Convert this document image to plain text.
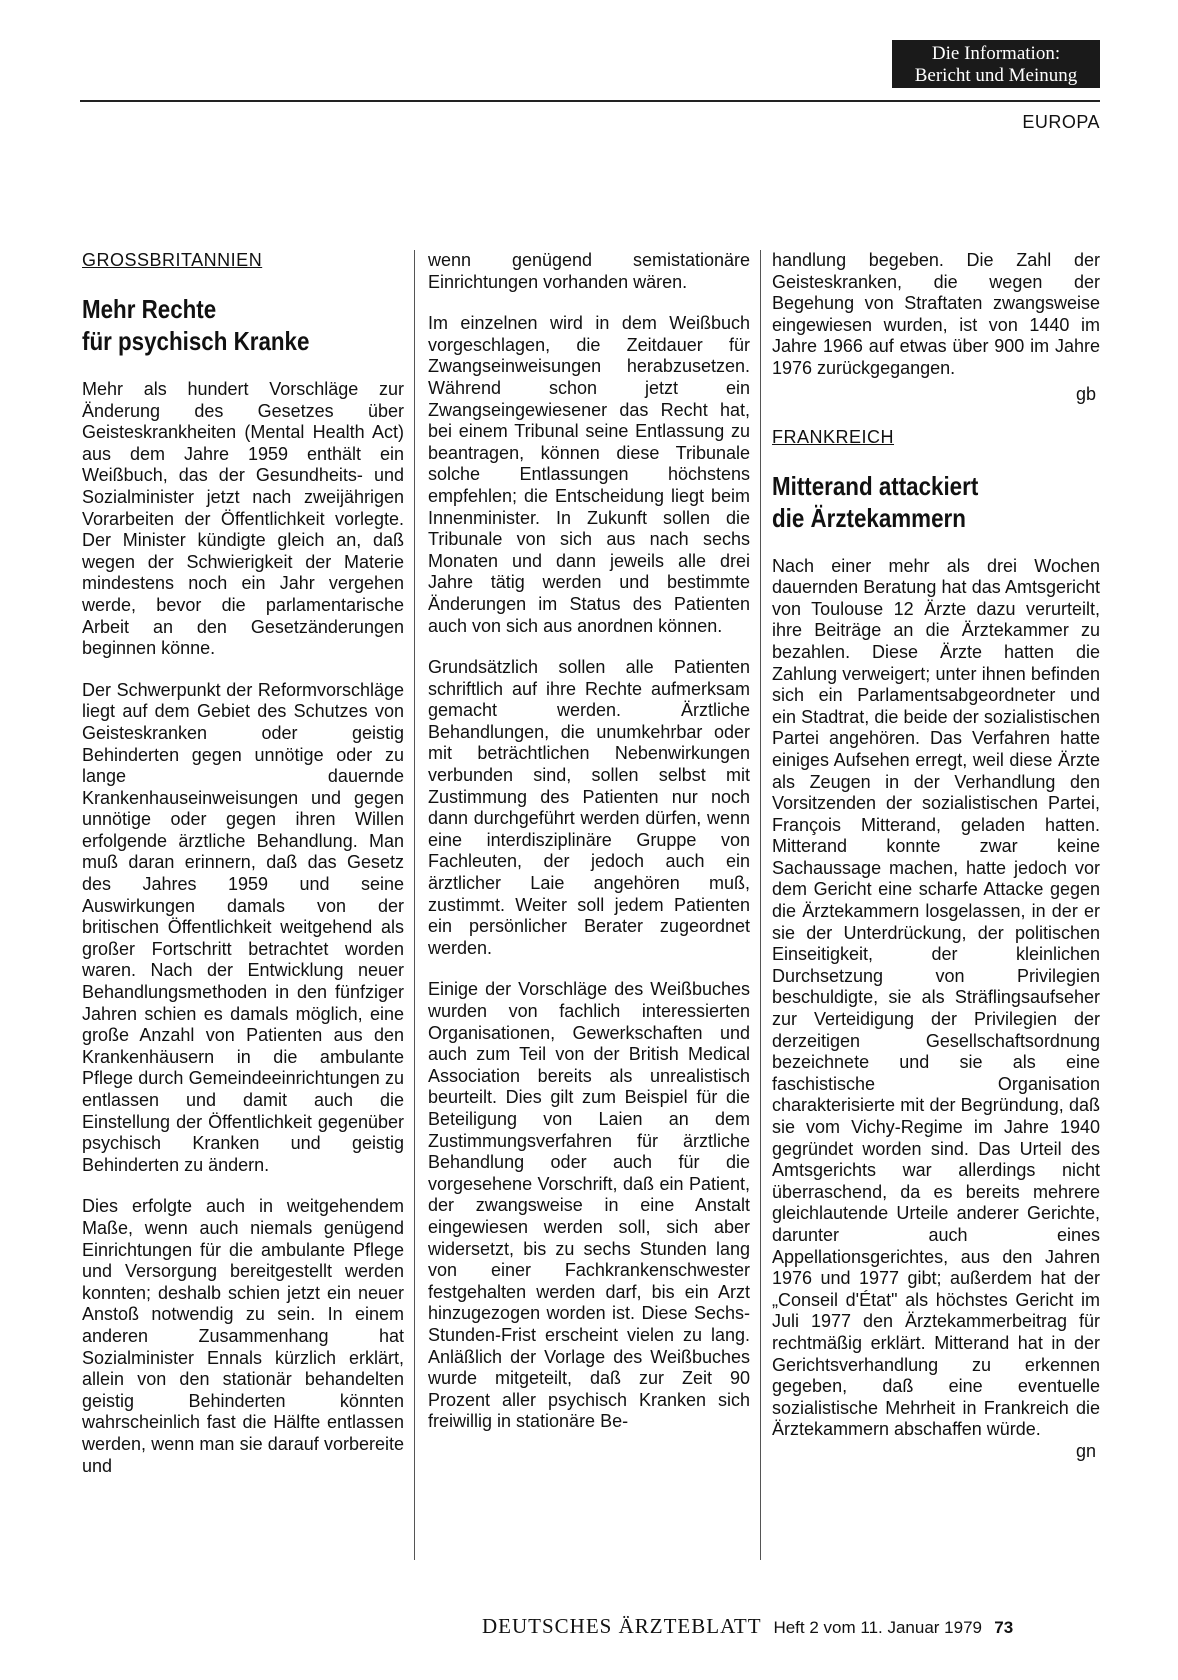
Die Information:
Bericht und Meinung
EUROPA
GROSSBRITANNIEN
Mehr Rechte
für psychisch Kranke

Mehr als hundert Vorschläge zur Änderung des Gesetzes über Geisteskrankheiten (Mental Health Act) aus dem Jahre 1959 enthält ein Weißbuch, das der Gesundheits- und Sozialminister jetzt nach zweijährigen Vorarbeiten der Öffentlichkeit vorlegte. Der Minister kündigte gleich an, daß wegen der Schwierigkeit der Materie mindestens noch ein Jahr vergehen werde, bevor die parlamentarische Arbeit an den Gesetzänderungen beginnen könne.

Der Schwerpunkt der Reformvorschläge liegt auf dem Gebiet des Schutzes von Geisteskranken oder geistig Behinderten gegen unnötige oder zu lange dauernde Krankenhauseinweisungen und gegen unnötige oder gegen ihren Willen erfolgende ärztliche Behandlung. Man muß daran erinnern, daß das Gesetz des Jahres 1959 und seine Auswirkungen damals von der britischen Öffentlichkeit weitgehend als großer Fortschritt betrachtet worden waren. Nach der Entwicklung neuer Behandlungsmethoden in den fünfziger Jahren schien es damals möglich, eine große Anzahl von Patienten aus den Krankenhäusern in die ambulante Pflege durch Gemeindeeinrichtungen zu entlassen und damit auch die Einstellung der Öffentlichkeit gegenüber psychisch Kranken und geistig Behinderten zu ändern.

Dies erfolgte auch in weitgehendem Maße, wenn auch niemals genügend Einrichtungen für die ambulante Pflege und Versorgung bereitgestellt werden konnten; deshalb schien jetzt ein neuer Anstoß notwendig zu sein. In einem anderen Zusammenhang hat Sozialminister Ennals kürzlich erklärt, allein von den stationär behandelten geistig Behinderten könnten wahrscheinlich fast die Hälfte entlassen werden, wenn man sie darauf vorbereite und

wenn genügend semistationäre Einrichtungen vorhanden wären.

Im einzelnen wird in dem Weißbuch vorgeschlagen, die Zeitdauer für Zwangseinweisungen herabzusetzen. Während schon jetzt ein Zwangseingewiesener das Recht hat, bei einem Tribunal seine Entlassung zu beantragen, können diese Tribunale solche Entlassungen höchstens empfehlen; die Entscheidung liegt beim Innenminister. In Zukunft sollen die Tribunale von sich aus nach sechs Monaten und dann jeweils alle drei Jahre tätig werden und bestimmte Änderungen im Status des Patienten auch von sich aus anordnen können.

Grundsätzlich sollen alle Patienten schriftlich auf ihre Rechte aufmerksam gemacht werden. Ärztliche Behandlungen, die unumkehrbar oder mit beträchtlichen Nebenwirkungen verbunden sind, sollen selbst mit Zustimmung des Patienten nur noch dann durchgeführt werden dürfen, wenn eine interdisziplinäre Gruppe von Fachleuten, der jedoch auch ein ärztlicher Laie angehören muß, zustimmt. Weiter soll jedem Patienten ein persönlicher Berater zugeordnet werden.

Einige der Vorschläge des Weißbuches wurden von fachlich interessierten Organisationen, Gewerkschaften und auch zum Teil von der British Medical Association bereits als unrealistisch beurteilt. Dies gilt zum Beispiel für die Beteiligung von Laien an dem Zustimmungsverfahren für ärztliche Behandlung oder auch für die vorgesehene Vorschrift, daß ein Patient, der zwangsweise in eine Anstalt eingewiesen werden soll, sich aber widersetzt, bis zu sechs Stunden lang von einer Fachkrankenschwester festgehalten werden darf, bis ein Arzt hinzugezogen worden ist. Diese Sechs-Stunden-Frist erscheint vielen zu lang. Anläßlich der Vorlage des Weißbuches wurde mitgeteilt, daß zur Zeit 90 Prozent aller psychisch Kranken sich freiwillig in stationäre Be-

handlung begeben. Die Zahl der Geisteskranken, die wegen der Begehung von Straftaten zwangsweise eingewiesen wurden, ist von 1440 im Jahre 1966 auf etwas über 900 im Jahre 1976 zurückgegangen.

gb
FRANKREICH
Mitterand attackiert
die Ärztekammern

Nach einer mehr als drei Wochen dauernden Beratung hat das Amtsgericht von Toulouse 12 Ärzte dazu verurteilt, ihre Beiträge an die Ärztekammer zu bezahlen. Diese Ärzte hatten die Zahlung verweigert; unter ihnen befinden sich ein Parlamentsabgeordneter und ein Stadtrat, die beide der sozialistischen Partei angehören. Das Verfahren hatte einiges Aufsehen erregt, weil diese Ärzte als Zeugen in der Verhandlung den Vorsitzenden der sozialistischen Partei, François Mitterand, geladen hatten. Mitterand konnte zwar keine Sachaussage machen, hatte jedoch vor dem Gericht eine scharfe Attacke gegen die Ärztekammern losgelassen, in der er sie der Unterdrückung, der politischen Einseitigkeit, der kleinlichen Durchsetzung von Privilegien beschuldigte, sie als Sträflingsaufseher zur Verteidigung der Privilegien der derzeitigen Gesellschaftsordnung bezeichnete und sie als eine faschistische Organisation charakterisierte mit der Begründung, daß sie vom Vichy-Regime im Jahre 1940 gegründet worden sind. Das Urteil des Amtsgerichts war allerdings nicht überraschend, da es bereits mehrere gleichlautende Urteile anderer Gerichte, darunter auch eines Appellationsgerichtes, aus den Jahren 1976 und 1977 gibt; außerdem hat der „Conseil d'État" als höchstes Gericht im Juli 1977 den Ärztekammerbeitrag für rechtmäßig erklärt. Mitterand hat in der Gerichtsverhandlung zu erkennen gegeben, daß eine eventuelle sozialistische Mehrheit in Frankreich die Ärztekammern abschaffen würde.

gn
DEUTSCHES ÄRZTEBLATT Heft 2 vom 11. Januar 1979 73
